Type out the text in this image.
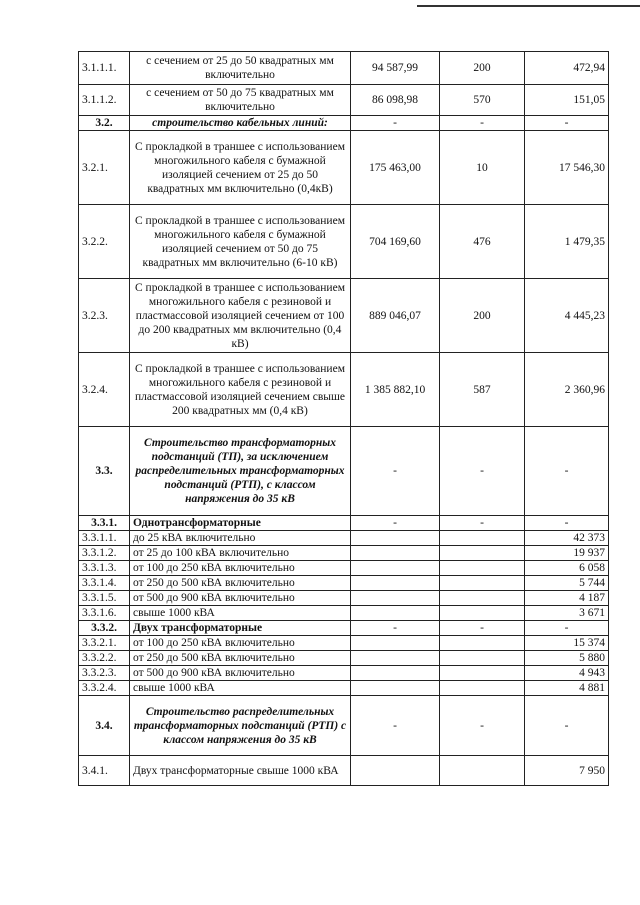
3.1.1.1.	с сечением от 25 до 50 квадратных мм включительно	94 587,99	200	472,94
3.1.1.2.	с сечением от 50 до 75 квадратных мм включительно	86 098,98	570	151,05
3.2.	строительство кабельных линий:	-	-	-
3.2.1.	С прокладкой в траншее с использованием многожильного кабеля с бумажной изоляцией сечением от 25 до 50 квадратных мм включительно (0,4кВ)	175 463,00	10	17 546,30
3.2.2.	С прокладкой в траншее с использованием многожильного кабеля с бумажной изоляцией сечением от 50 до 75 квадратных мм включительно (6-10 кВ)	704 169,60	476	1 479,35
3.2.3.	С прокладкой в траншее с использованием многожильного кабеля с резиновой и пластмассовой изоляцией сечением от 100 до 200 квадратных мм включительно (0,4 кВ)	889 046,07	200	4 445,23
3.2.4.	С прокладкой в траншее с использованием многожильного кабеля с резиновой и пластмассовой изоляцией сечением свыше 200 квадратных мм (0,4 кВ)	1 385 882,10	587	2 360,96
3.3.	Строительство трансформаторных подстанций (ТП), за исключением распределительных трансформаторных подстанций (РТП), с классом напряжения до 35 кВ	-	-	-
3.3.1.	Однотрансформаторные	-	-	-
3.3.1.1.	до 25 кВА включительно			42 373
3.3.1.2.	от 25 до 100 кВА включительно			19 937
3.3.1.3.	от 100 до 250 кВА включительно			6 058
3.3.1.4.	от 250 до 500 кВА включительно			5 744
3.3.1.5.	от 500 до 900 кВА включительно			4 187
3.3.1.6.	свыше 1000 кВА			3 671
3.3.2.	Двух трансформаторные	-	-	-
3.3.2.1.	от 100 до 250 кВА включительно			15 374
3.3.2.2.	от 250 до 500 кВА включительно			5 880
3.3.2.3.	от 500 до 900 кВА включительно			4 943
3.3.2.4.	свыше 1000 кВА			4 881
3.4.	Строительство распределительных трансформаторных подстанций (РТП) с классом напряжения до 35 кВ	-	-	-
3.4.1.	Двух трансформаторные свыше 1000 кВА			7 950
